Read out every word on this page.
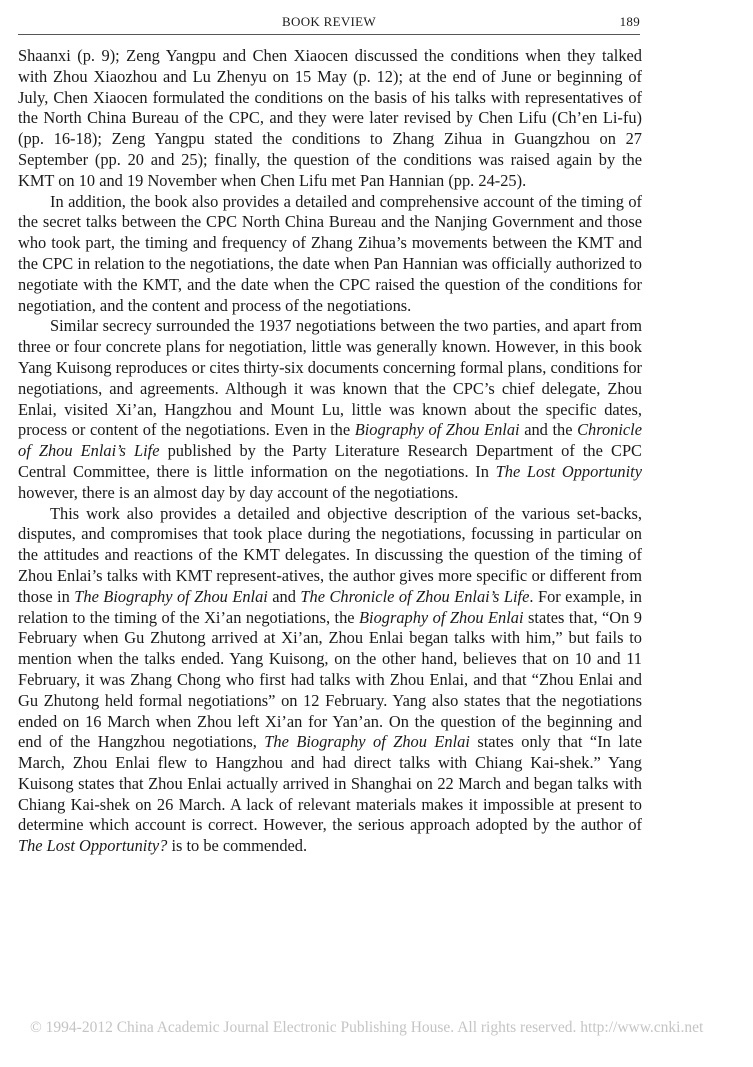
BOOK REVIEW	189

Shaanxi (p. 9); Zeng Yangpu and Chen Xiaocen discussed the conditions when they talked with Zhou Xiaozhou and Lu Zhenyu on 15 May (p. 12); at the end of June or beginning of July, Chen Xiaocen formulated the conditions on the basis of his talks with representatives of the North China Bureau of the CPC, and they were later revised by Chen Lifu (Ch’en Li-fu) (pp. 16-18); Zeng Yangpu stated the conditions to Zhang Zihua in Guangzhou on 27 September (pp. 20 and 25); finally, the question of the conditions was raised again by the KMT on 10 and 19 November when Chen Lifu met Pan Hannian (pp. 24-25).

In addition, the book also provides a detailed and comprehensive account of the timing of the secret talks between the CPC North China Bureau and the Nanjing Government and those who took part, the timing and frequency of Zhang Zihua’s movements between the KMT and the CPC in relation to the negotiations, the date when Pan Hannian was officially authorized to negotiate with the KMT, and the date when the CPC raised the question of the conditions for negotiation, and the content and process of the negotiations.

Similar secrecy surrounded the 1937 negotiations between the two parties, and apart from three or four concrete plans for negotiation, little was generally known. However, in this book Yang Kuisong reproduces or cites thirty-six documents concerning formal plans, conditions for negotiations, and agreements. Although it was known that the CPC’s chief delegate, Zhou Enlai, visited Xi’an, Hangzhou and Mount Lu, little was known about the specific dates, process or content of the negotiations. Even in the Biography of Zhou Enlai and the Chronicle of Zhou Enlai’s Life published by the Party Literature Research Department of the CPC Central Committee, there is little information on the negotiations. In The Lost Opportunity however, there is an almost day by day account of the negotiations.

This work also provides a detailed and objective description of the various set-backs, disputes, and compromises that took place during the negotiations, focussing in particular on the attitudes and reactions of the KMT delegates. In discussing the question of the timing of Zhou Enlai’s talks with KMT represent-atives, the author gives more specific or different from those in The Biography of Zhou Enlai and The Chronicle of Zhou Enlai’s Life. For example, in relation to the timing of the Xi’an negotiations, the Biography of Zhou Enlai states that, “On 9 February when Gu Zhutong arrived at Xi’an, Zhou Enlai began talks with him,” but fails to mention when the talks ended. Yang Kuisong, on the other hand, believes that on 10 and 11 February, it was Zhang Chong who first had talks with Zhou Enlai, and that “Zhou Enlai and Gu Zhutong held formal negotiations” on 12 February. Yang also states that the negotiations ended on 16 March when Zhou left Xi’an for Yan’an. On the question of the beginning and end of the Hangzhou negotiations, The Biography of Zhou Enlai states only that “In late March, Zhou Enlai flew to Hangzhou and had direct talks with Chiang Kai-shek.” Yang Kuisong states that Zhou Enlai actually arrived in Shanghai on 22 March and began talks with Chiang Kai-shek on 26 March. A lack of relevant materials makes it impossible at present to determine which account is correct. However, the serious approach adopted by the author of The Lost Opportunity? is to be commended.

© 1994-2012 China Academic Journal Electronic Publishing House. All rights reserved. http://www.cnki.net
